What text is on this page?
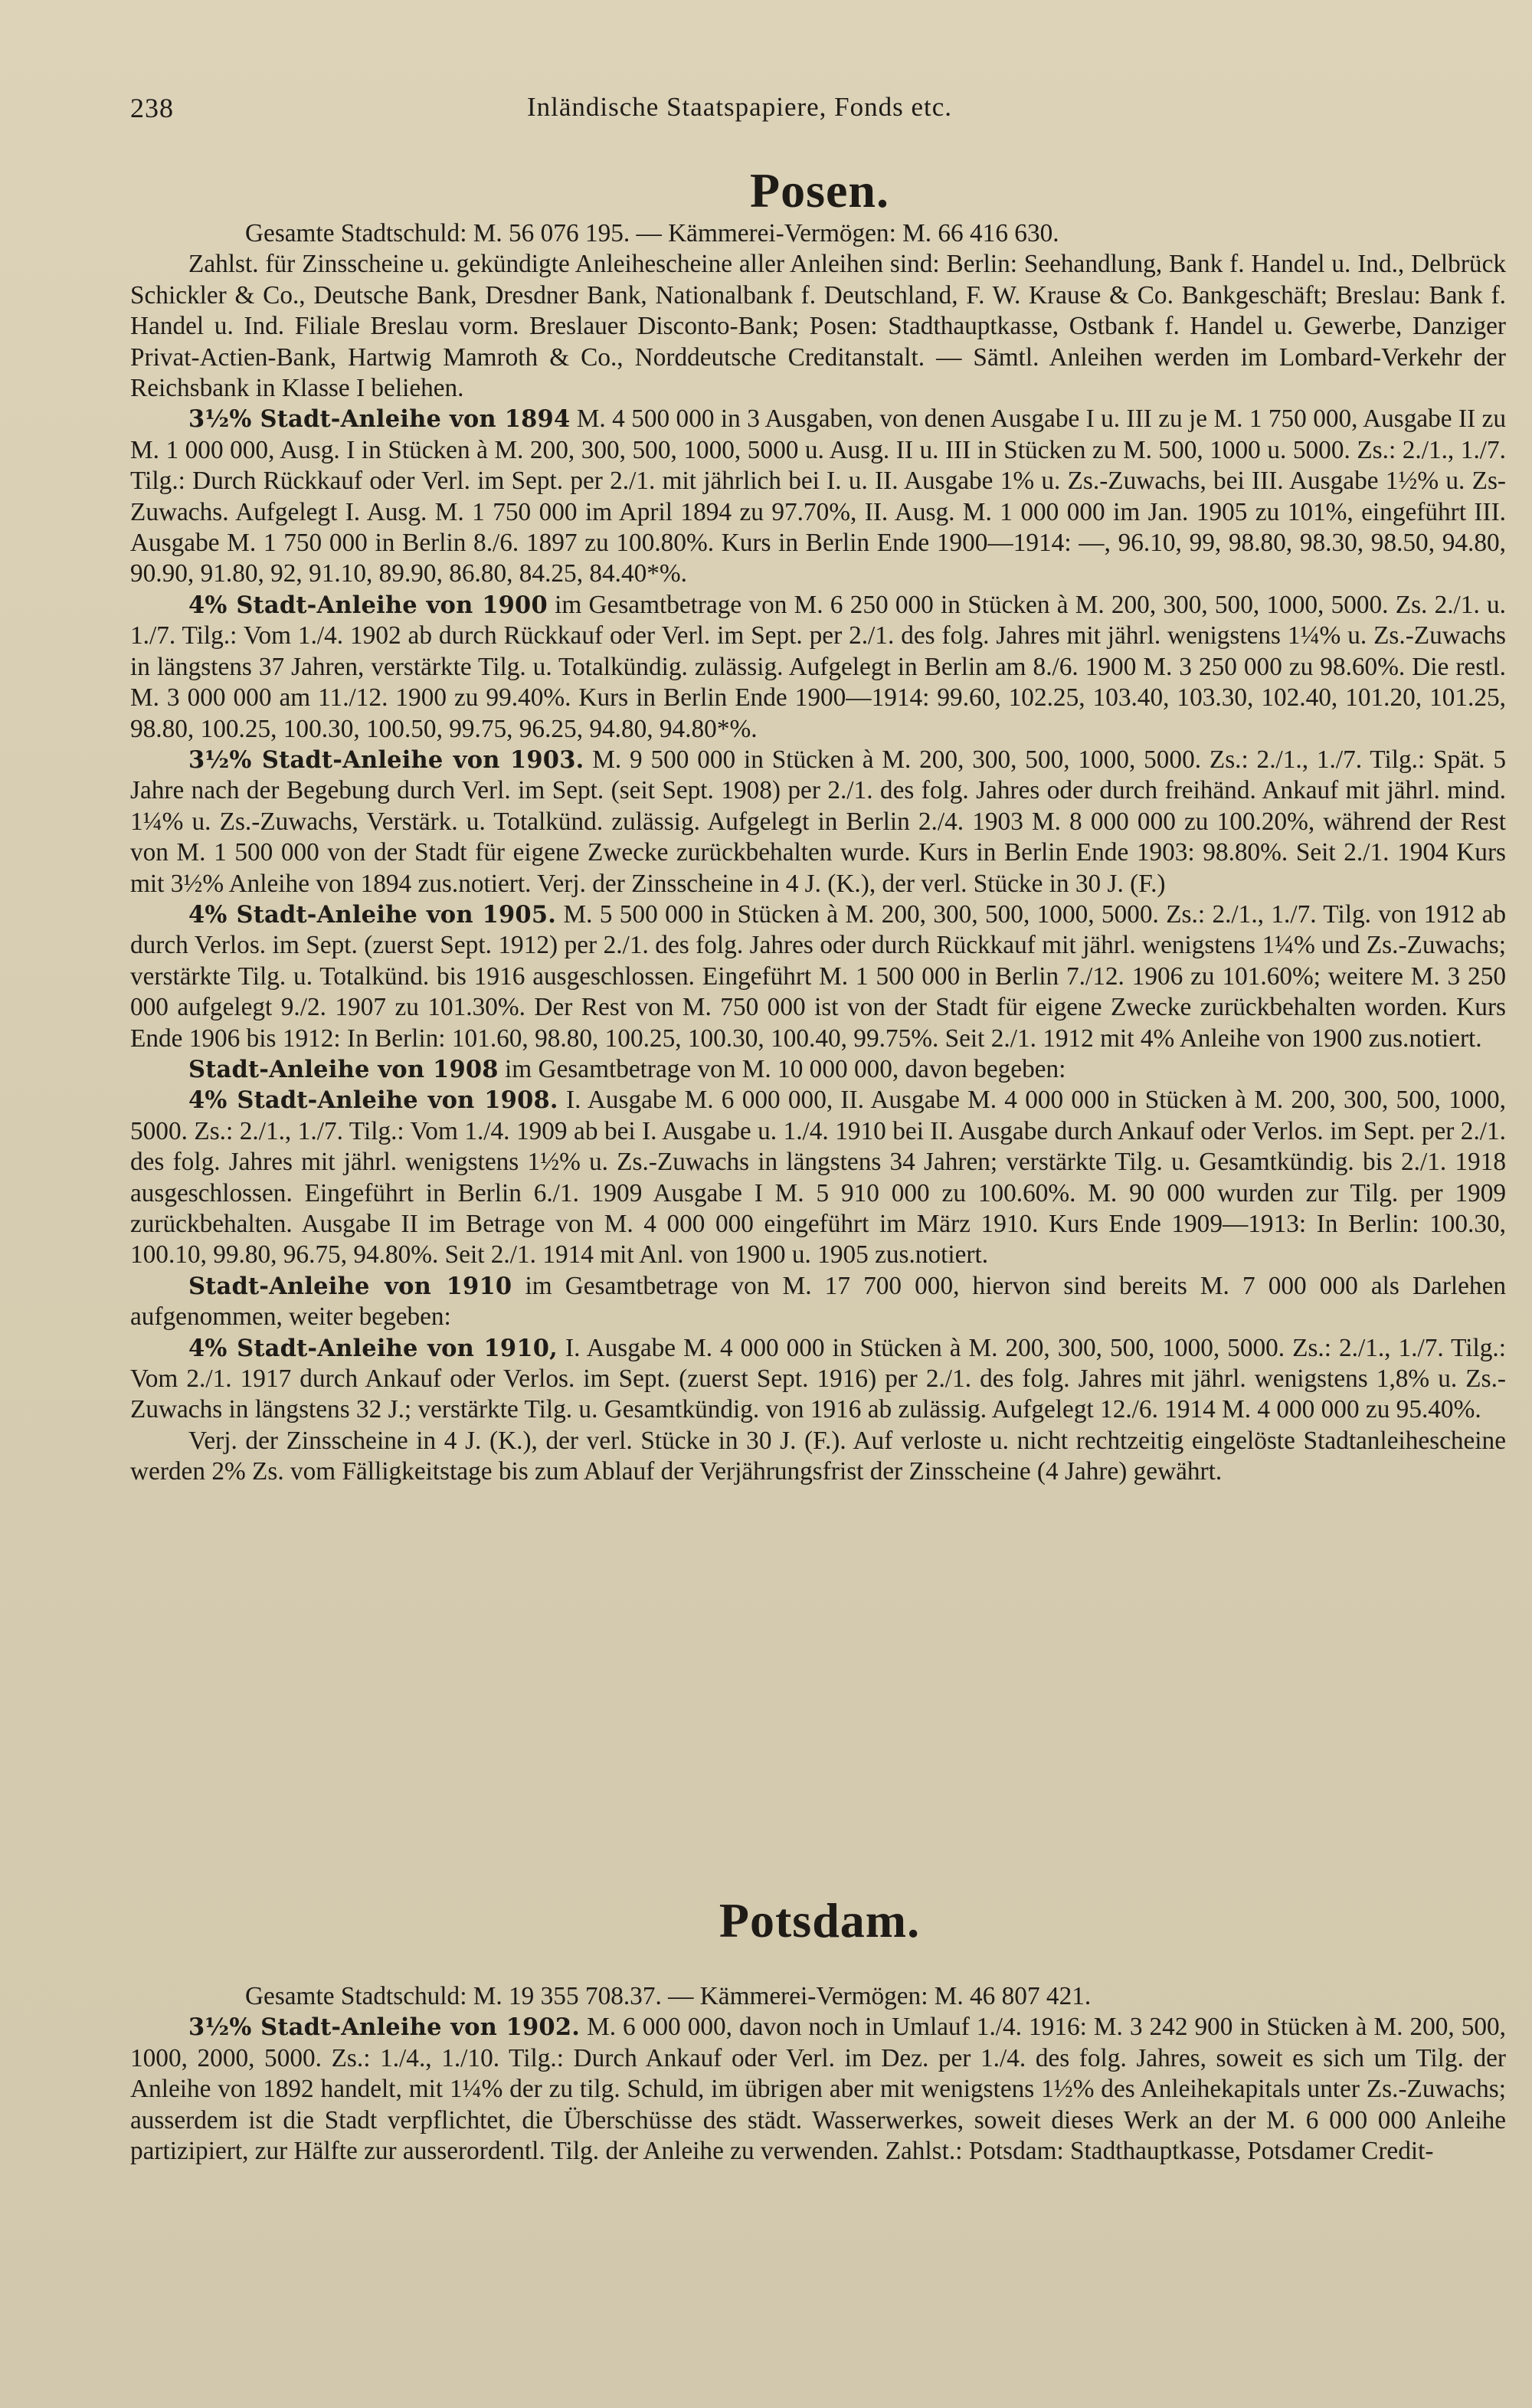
238	Inländische Staatspapiere, Fonds etc.
Posen.

Gesamte Stadtschuld: M. 56 076 195. — Kämmerei-Vermögen: M. 66 416 630.

Zahlst. für Zinsscheine u. gekündigte Anleihescheine aller Anleihen sind: Berlin: Seehandlung, Bank f. Handel u. Ind., Delbrück Schickler & Co., Deutsche Bank, Dresdner Bank, Nationalbank f. Deutschland, F. W. Krause & Co. Bankgeschäft; Breslau: Bank f. Handel u. Ind. Filiale Breslau vorm. Breslauer Disconto-Bank; Posen: Stadthauptkasse, Ostbank f. Handel u. Gewerbe, Danziger Privat-Actien-Bank, Hartwig Mamroth & Co., Norddeutsche Creditanstalt. — Sämtl. Anleihen werden im Lombard-Verkehr der Reichsbank in Klasse I beliehen.

3½% Stadt-Anleihe von 1894 M. 4 500 000 in 3 Ausgaben, von denen Ausgabe I u. III zu je M. 1 750 000, Ausgabe II zu M. 1 000 000, Ausg. I in Stücken à M. 200, 300, 500, 1000, 5000 u. Ausg. II u. III in Stücken zu M. 500, 1000 u. 5000. Zs.: 2./1., 1./7. Tilg.: Durch Rückkauf oder Verl. im Sept. per 2./1. mit jährlich bei I. u. II. Ausgabe 1% u. Zs.-Zuwachs, bei III. Ausgabe 1½% u. Zs-Zuwachs. Aufgelegt I. Ausg. M. 1 750 000 im April 1894 zu 97.70%, II. Ausg. M. 1 000 000 im Jan. 1905 zu 101%, eingeführt III. Ausgabe M. 1 750 000 in Berlin 8./6. 1897 zu 100.80%. Kurs in Berlin Ende 1900—1914: —, 96.10, 99, 98.80, 98.30, 98.50, 94.80, 90.90, 91.80, 92, 91.10, 89.90, 86.80, 84.25, 84.40*%.

4% Stadt-Anleihe von 1900 im Gesamtbetrage von M. 6 250 000 in Stücken à M. 200, 300, 500, 1000, 5000. Zs. 2./1. u. 1./7. Tilg.: Vom 1./4. 1902 ab durch Rückkauf oder Verl. im Sept. per 2./1. des folg. Jahres mit jährl. wenigstens 1¼% u. Zs.-Zuwachs in längstens 37 Jahren, verstärkte Tilg. u. Totalkündig. zulässig. Aufgelegt in Berlin am 8./6. 1900 M. 3 250 000 zu 98.60%. Die restl. M. 3 000 000 am 11./12. 1900 zu 99.40%. Kurs in Berlin Ende 1900—1914: 99.60, 102.25, 103.40, 103.30, 102.40, 101.20, 101.25, 98.80, 100.25, 100.30, 100.50, 99.75, 96.25, 94.80, 94.80*%.

3½% Stadt-Anleihe von 1903. M. 9 500 000 in Stücken à M. 200, 300, 500, 1000, 5000. Zs.: 2./1., 1./7. Tilg.: Spät. 5 Jahre nach der Begebung durch Verl. im Sept. (seit Sept. 1908) per 2./1. des folg. Jahres oder durch freihänd. Ankauf mit jährl. mind. 1¼% u. Zs.-Zuwachs, Verstärk. u. Totalkünd. zulässig. Aufgelegt in Berlin 2./4. 1903 M. 8 000 000 zu 100.20%, während der Rest von M. 1 500 000 von der Stadt für eigene Zwecke zurückbehalten wurde. Kurs in Berlin Ende 1903: 98.80%. Seit 2./1. 1904 Kurs mit 3½% Anleihe von 1894 zus.notiert. Verj. der Zinsscheine in 4 J. (K.), der verl. Stücke in 30 J. (F.)

4% Stadt-Anleihe von 1905. M. 5 500 000 in Stücken à M. 200, 300, 500, 1000, 5000. Zs.: 2./1., 1./7. Tilg. von 1912 ab durch Verlos. im Sept. (zuerst Sept. 1912) per 2./1. des folg. Jahres oder durch Rückkauf mit jährl. wenigstens 1¼% und Zs.-Zuwachs; verstärkte Tilg. u. Totalkünd. bis 1916 ausgeschlossen. Eingeführt M. 1 500 000 in Berlin 7./12. 1906 zu 101.60%; weitere M. 3 250 000 aufgelegt 9./2. 1907 zu 101.30%. Der Rest von M. 750 000 ist von der Stadt für eigene Zwecke zurückbehalten worden. Kurs Ende 1906 bis 1912: In Berlin: 101.60, 98.80, 100.25, 100.30, 100.40, 99.75%. Seit 2./1. 1912 mit 4% Anleihe von 1900 zus.notiert.

Stadt-Anleihe von 1908 im Gesamtbetrage von M. 10 000 000, davon begeben:

4% Stadt-Anleihe von 1908. I. Ausgabe M. 6 000 000, II. Ausgabe M. 4 000 000 in Stücken à M. 200, 300, 500, 1000, 5000. Zs.: 2./1., 1./7. Tilg.: Vom 1./4. 1909 ab bei I. Ausgabe u. 1./4. 1910 bei II. Ausgabe durch Ankauf oder Verlos. im Sept. per 2./1. des folg. Jahres mit jährl. wenigstens 1½% u. Zs.-Zuwachs in längstens 34 Jahren; verstärkte Tilg. u. Gesamtkündig. bis 2./1. 1918 ausgeschlossen. Eingeführt in Berlin 6./1. 1909 Ausgabe I M. 5 910 000 zu 100.60%. M. 90 000 wurden zur Tilg. per 1909 zurückbehalten. Ausgabe II im Betrage von M. 4 000 000 eingeführt im März 1910. Kurs Ende 1909—1913: In Berlin: 100.30, 100.10, 99.80, 96.75, 94.80%. Seit 2./1. 1914 mit Anl. von 1900 u. 1905 zus.notiert.

Stadt-Anleihe von 1910 im Gesamtbetrage von M. 17 700 000, hiervon sind bereits M. 7 000 000 als Darlehen aufgenommen, weiter begeben:

4% Stadt-Anleihe von 1910, I. Ausgabe M. 4 000 000 in Stücken à M. 200, 300, 500, 1000, 5000. Zs.: 2./1., 1./7. Tilg.: Vom 2./1. 1917 durch Ankauf oder Verlos. im Sept. (zuerst Sept. 1916) per 2./1. des folg. Jahres mit jährl. wenigstens 1,8% u. Zs.-Zuwachs in längstens 32 J.; verstärkte Tilg. u. Gesamtkündig. von 1916 ab zulässig. Aufgelegt 12./6. 1914 M. 4 000 000 zu 95.40%.

Verj. der Zinsscheine in 4 J. (K.), der verl. Stücke in 30 J. (F.). Auf verloste u. nicht rechtzeitig eingelöste Stadtanleihescheine werden 2% Zs. vom Fälligkeitstage bis zum Ablauf der Verjährungsfrist der Zinsscheine (4 Jahre) gewährt.

Potsdam.

Gesamte Stadtschuld: M. 19 355 708.37. — Kämmerei-Vermögen: M. 46 807 421.

3½% Stadt-Anleihe von 1902. M. 6 000 000, davon noch in Umlauf 1./4. 1916: M. 3 242 900 in Stücken à M. 200, 500, 1000, 2000, 5000. Zs.: 1./4., 1./10. Tilg.: Durch Ankauf oder Verl. im Dez. per 1./4. des folg. Jahres, soweit es sich um Tilg. der Anleihe von 1892 handelt, mit 1¼% der zu tilg. Schuld, im übrigen aber mit wenigstens 1½% des Anleihekapitals unter Zs.-Zuwachs; ausserdem ist die Stadt verpflichtet, die Überschüsse des städt. Wasserwerkes, soweit dieses Werk an der M. 6 000 000 Anleihe partizipiert, zur Hälfte zur ausserordentl. Tilg. der Anleihe zu verwenden. Zahlst.: Potsdam: Stadthauptkasse, Potsdamer Credit-
